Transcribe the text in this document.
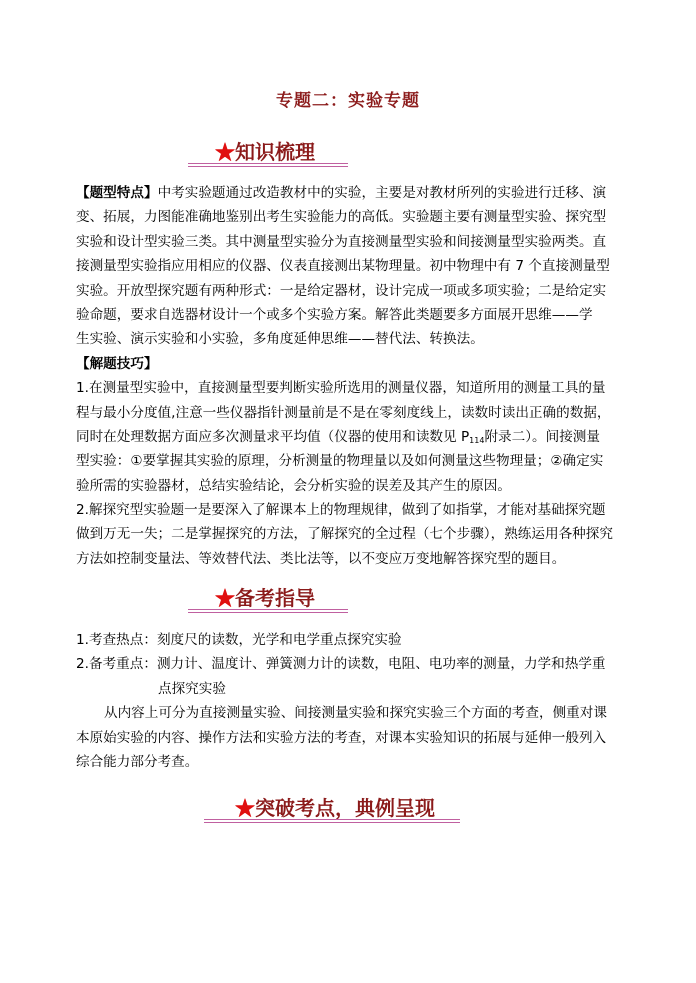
专题二：实验专题
★知识梳理
【题型特点】中考实验题通过改造教材中的实验，主要是对教材所列的实验进行迁移、演
变、拓展，力图能准确地鉴别出考生实验能力的高低。实验题主要有测量型实验、探究型
实验和设计型实验三类。其中测量型实验分为直接测量型实验和间接测量型实验两类。直
接测量型实验指应用相应的仪器、仪表直接测出某物理量。初中物理中有 7 个直接测量型
实验。开放型探究题有两种形式：一是给定器材，设计完成一项或多项实验；二是给定实
验命题，要求自选器材设计一个或多个实验方案。解答此类题要多方面展开思维——学
生实验、演示实验和小实验，多角度延伸思维——替代法、转换法。
【解题技巧】
1.在测量型实验中，直接测量型要判断实验所选用的测量仪器，知道所用的测量工具的量
程与最小分度值,注意一些仪器指针测量前是不是在零刻度线上，读数时读出正确的数据，
同时在处理数据方面应多次测量求平均值（仪器的使用和读数见 $P_{114}$附录二）。间接测量
型实验：①要掌握其实验的原理，分析测量的物理量以及如何测量这些物理量；②确定实
验所需的实验器材，总结实验结论，会分析实验的误差及其产生的原因。
2.解探究型实验题一是要深入了解课本上的物理规律，做到了如指掌，才能对基础探究题
做到万无一失；二是掌握探究的方法，了解探究的全过程（七个步骤），熟练运用各种探究
方法如控制变量法、等效替代法、类比法等，以不变应万变地解答探究型的题目。
★备考指导
1.考查热点：刻度尺的读数，光学和电学重点探究实验
2.备考重点：测力计、温度计、弹簧测力计的读数，电阻、电功率的测量，力学和热学重
点探究实验
从内容上可分为直接测量实验、间接测量实验和探究实验三个方面的考查，侧重对课
本原始实验的内容、操作方法和实验方法的考查，对课本实验知识的拓展与延伸一般列入
综合能力部分考查。
★突破考点，典例呈现
